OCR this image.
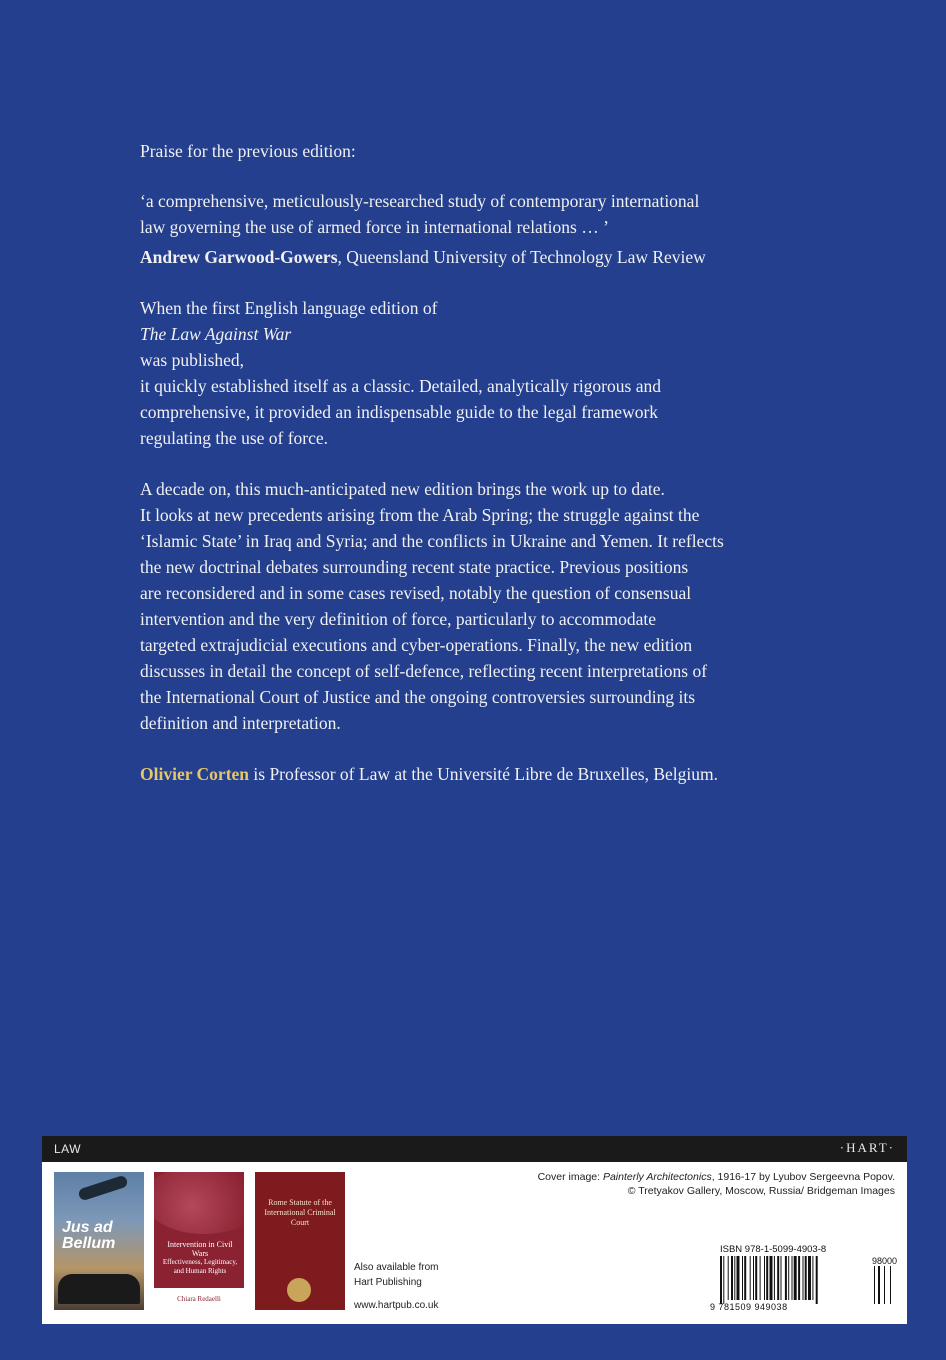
Praise for the previous edition:

‘a comprehensive, meticulously-researched study of contemporary international
law governing the use of armed force in international relations … ’

Andrew Garwood-Gowers, Queensland University of Technology Law Review

When the first English language edition of
The Law Against War
was published,
it quickly established itself as a classic. Detailed, analytically rigorous and
comprehensive, it provided an indispensable guide to the legal framework
regulating the use of force.

A decade on, this much-anticipated new edition brings the work up to date.
It looks at new precedents arising from the Arab Spring; the struggle against the
‘Islamic State’ in Iraq and Syria; and the conflicts in Ukraine and Yemen. It reflects
the new doctrinal debates surrounding recent state practice. Previous positions
are reconsidered and in some cases revised, notably the question of consensual
intervention and the very definition of force, particularly to accommodate
targeted extrajudicial executions and cyber-operations. Finally, the new edition
discusses in detail the concept of self-defence, reflecting recent interpretations of
the International Court of Justice and the ongoing controversies surrounding its
definition and interpretation.

Olivier Corten is Professor of Law at the Université Libre de Bruxelles, Belgium.

LAW	·HART·
Jus ad Bellum	Intervention in Civil Wars
Effectiveness, Legitimacy, and Human Rights
Chiara Redaelli
Rome Statute of the International Criminal Court
Also available from
Hart Publishing
www.hartpub.co.uk
Cover image: Painterly Architectonics, 1916-17 by Lyubov Sergeevna Popov.
© Tretyakov Gallery, Moscow, Russia/ Bridgeman Images
ISBN 978-1-5099-4903-8
9 781509 949038
98000
